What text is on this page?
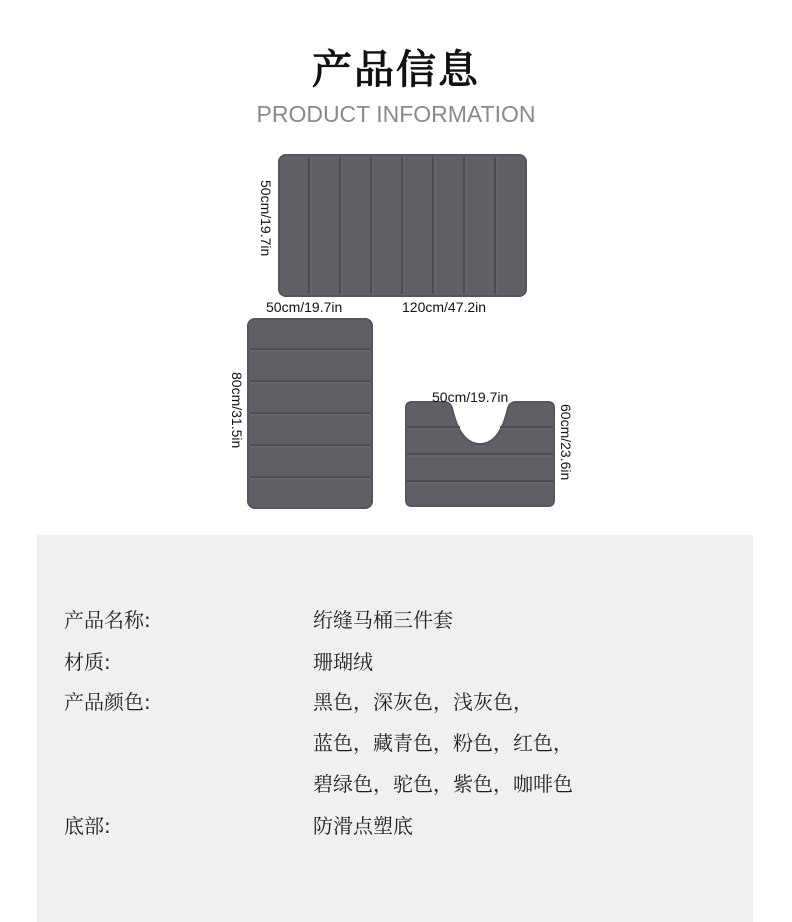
产品信息
PRODUCT INFORMATION
50cm/19.7in
50cm/19.7in	120cm/47.2in
80cm/31.5in	50cm/19.7in
60cm/23.6in
产品名称:	绗缝马桶三件套
材质:	珊瑚绒
产品颜色:	黑色，深灰色，浅灰色，
蓝色，藏青色，粉色，红色，
碧绿色，驼色，紫色，咖啡色
底部:	防滑点塑底
